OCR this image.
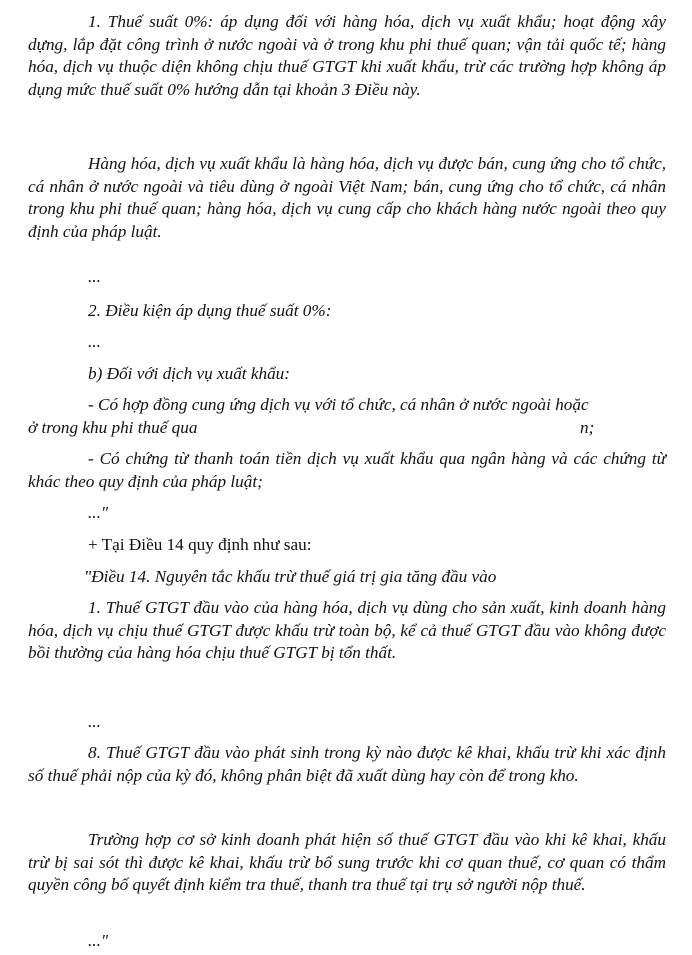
1. Thuế suất 0%: áp dụng đối với hàng hóa, dịch vụ xuất khẩu; hoạt động xây dựng, lắp đặt công trình ở nước ngoài và ở trong khu phi thuế quan; vận tải quốc tế; hàng hóa, dịch vụ thuộc diện không chịu thuế GTGT khi xuất khẩu, trừ các trường hợp không áp dụng mức thuế suất 0% hướng dẫn tại khoản 3 Điều này.

Hàng hóa, dịch vụ xuất khẩu là hàng hóa, dịch vụ được bán, cung ứng cho tổ chức, cá nhân ở nước ngoài và tiêu dùng ở ngoài Việt Nam; bán, cung ứng cho tổ chức, cá nhân trong khu phi thuế quan; hàng hóa, dịch vụ cung cấp cho khách hàng nước ngoài theo quy định của pháp luật.

...
2. Điều kiện áp dụng thuế suất 0%:
...
b) Đối với dịch vụ xuất khẩu:
- Có hợp đồng cung ứng dịch vụ với tổ chức, cá nhân ở nước ngoài hoặc
ở trong khu phi thuế qua	n;

- Có chứng từ thanh toán tiền dịch vụ xuất khẩu qua ngân hàng và các chứng từ khác theo quy định của pháp luật;

..."
+ Tại Điều 14 quy định như sau:
"Điều 14. Nguyên tắc khấu trừ thuế giá trị gia tăng đầu vào

1. Thuế GTGT đầu vào của hàng hóa, dịch vụ dùng cho sản xuất, kinh doanh hàng hóa, dịch vụ chịu thuế GTGT được khấu trừ toàn bộ, kể cả thuế GTGT đầu vào không được bồi thường của hàng hóa chịu thuế GTGT bị tổn thất.

...

8. Thuế GTGT đầu vào phát sinh trong kỳ nào được kê khai, khấu trừ khi xác định số thuế phải nộp của kỳ đó, không phân biệt đã xuất dùng hay còn để trong kho.

Trường hợp cơ sở kinh doanh phát hiện số thuế GTGT đầu vào khi kê khai, khấu trừ bị sai sót thì được kê khai, khấu trừ bổ sung trước khi cơ quan thuế, cơ quan có thẩm quyền công bố quyết định kiểm tra thuế, thanh tra thuế tại trụ sở người nộp thuế.

..."
